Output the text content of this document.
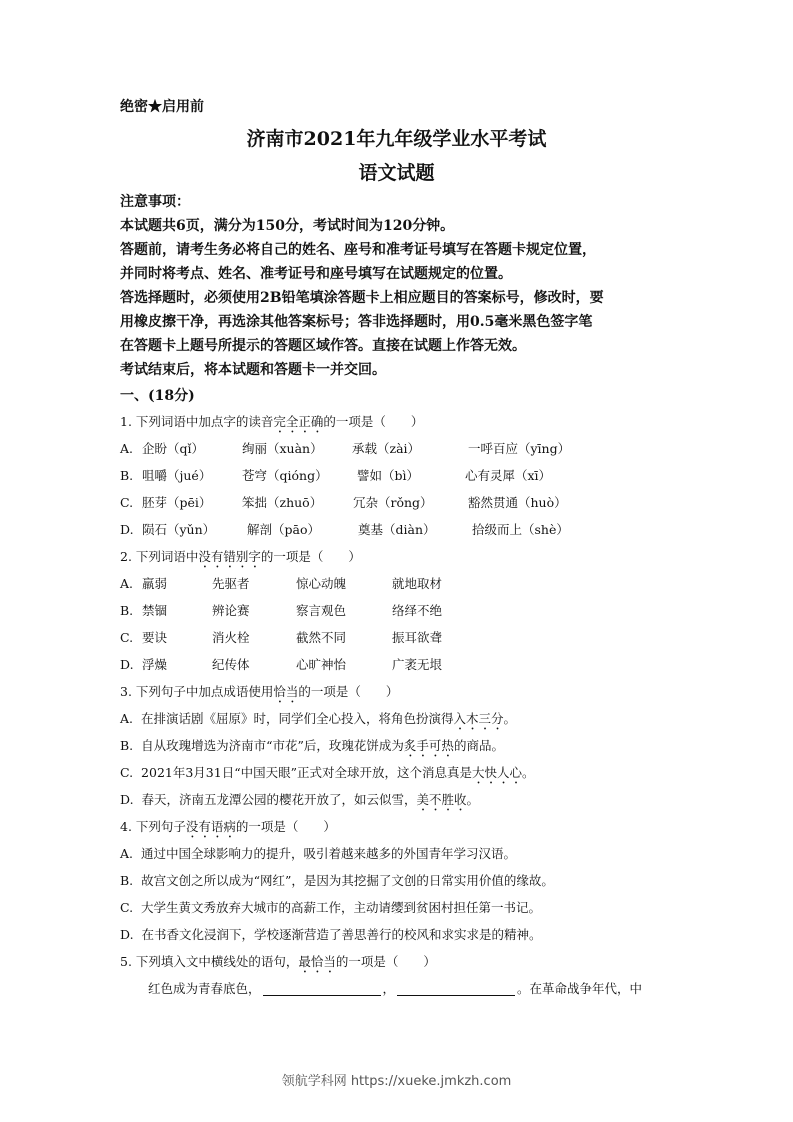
绝密★启用前
济南市2021年九年级学业水平考试
语文试题
注意事项：
本试题共6页，满分为150分，考试时间为120分钟。
答题前，请考生务必将自己的姓名、座号和准考证号填写在答题卡规定位置，
并同时将考点、姓名、准考证号和座号填写在试题规定的位置。
答选择题时，必须使用2B铅笔填涂答题卡上相应题目的答案标号，修改时，要
用橡皮擦干净，再选涂其他答案标号；答非选择题时，用0.5毫米黑色签字笔
在答题卡上题号所提示的答题区域作答。直接在试题上作答无效。
考试结束后，将本试题和答题卡一并交回。
一、(18分)
1. 下列词语中加点字的读音完全正确的一项是（　　）
A. 企盼（qǐ）	绚丽（xuàn） 承载（zài）	一呼百应（yīng）
B. 咀嚼（jué） 苍穹（qióng） 譬如（bì）	心有灵犀（xī）
C. 胚芽（pēi） 笨拙（zhuō） 冗杂（rǒng）	豁然贯通（huò）
D. 陨石（yǔn）	解剖（pāo）	奠基（diàn）	拾级而上（shè）
2. 下列词语中没有错别字的一项是（　　）
A. 羸弱	先驱者	惊心动魄	就地取材
B. 禁锢	辨论赛	察言观色	络绎不绝
C. 要诀	消火栓	截然不同	振耳欲聋
D. 浮燥	纪传体	心旷神怡	广袤无垠
3. 下列句子中加点成语使用恰当的一项是（　　）
A. 在排演话剧《屈原》时，同学们全心投入，将角色扮演得入木三分。
B. 自从玫瑰增选为济南市“市花”后，玫瑰花饼成为炙手可热的商品。
C. 2021年3月31日“中国天眼”正式对全球开放，这个消息真是大快人心。
D. 春天，济南五龙潭公园的樱花开放了，如云似雪，美不胜收。
4. 下列句子没有语病的一项是（　　）
A. 通过中国全球影响力的提升，吸引着越来越多的外国青年学习汉语。
B. 故宫文创之所以成为“网红”，是因为其挖掘了文创的日常实用价值的缘故。
C. 大学生黄文秀放弃大城市的高薪工作，主动请缨到贫困村担任第一书记。
D. 在书香文化浸润下，学校逐渐营造了善思善行的校风和求实求是的精神。
5. 下列填入文中横线处的语句，最恰当的一项是（　　）
红色成为青春底色，	，	。在革命战争年代，中
领航学科网 https://xueke.jmkzh.com
